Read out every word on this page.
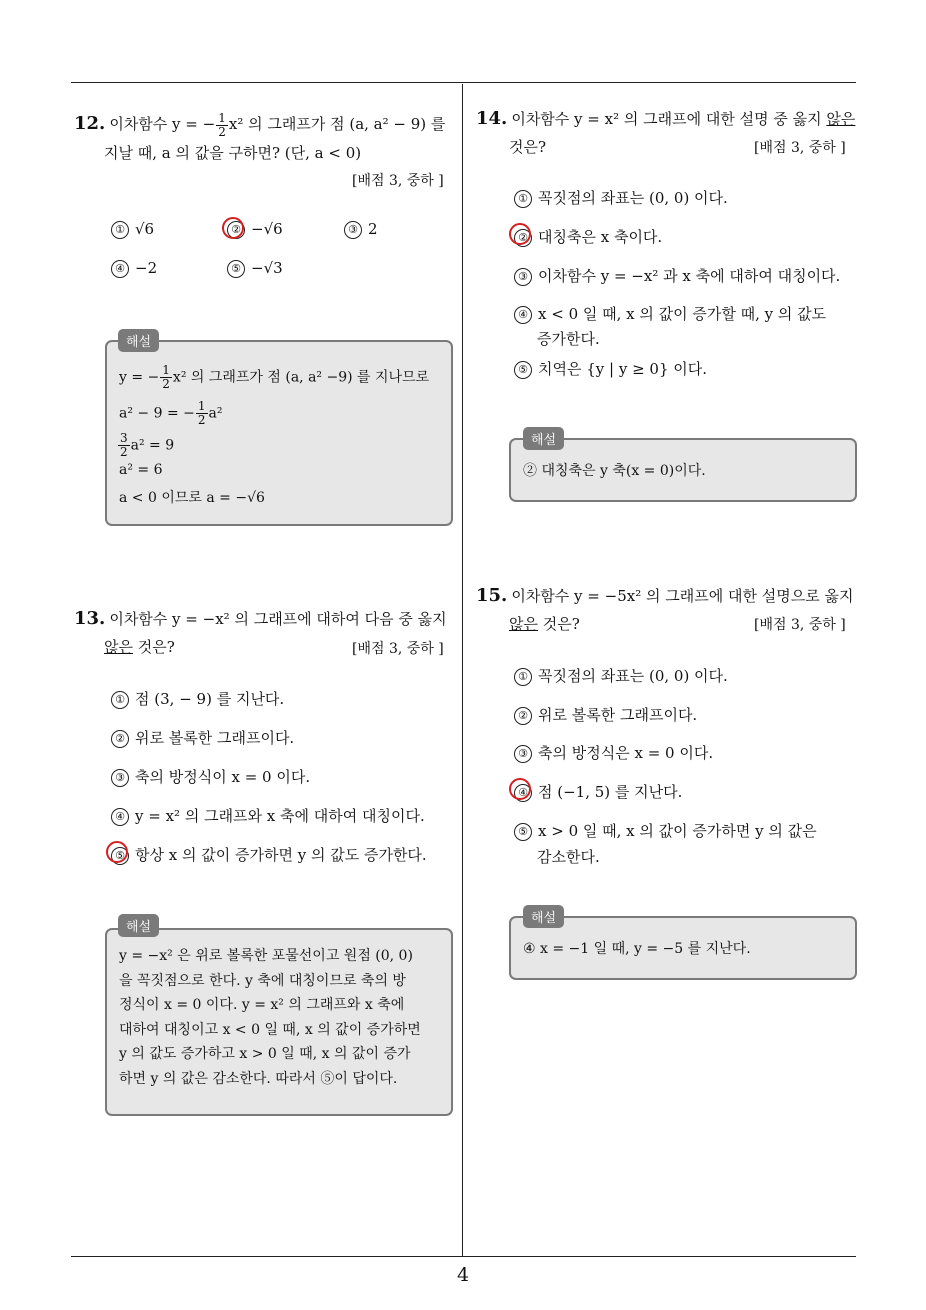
4
12. 이차함수 y = − $\frac{1}{2} x^2$ 의 그래프가 점 (a, a² − 9) 를
지날 때, a 의 값을 구하면? (단, a < 0)
[배점 3, 중하 ]
① √6	② −√6	③ 2
④ −2	⑤ −√3
y = − $\frac{1}{2} x^2$ 의 그래프가 점 (a, a² −9) 를 지나므로
a² − 9 = − $\frac{1}{2} a^2$
$\frac{3}{2} a^2 = 9$
a² = 6
a < 0 이므로 a = −√6
해설
13. 이차함수 y = −x² 의 그래프에 대하여 다음 중 옳지
않은 것은?	[배점 3, 중하 ]
① 점 (3, − 9) 를 지난다.
② 위로 볼록한 그래프이다.
③ 축의 방정식이 x = 0 이다.
④ y = x² 의 그래프와 x 축에 대하여 대칭이다.
⑤ 항상 x 의 값이 증가하면 y 의 값도 증가한다.
y = −x² 은 위로 볼록한 포물선이고 원점 (0, 0)
을 꼭짓점으로 한다. y 축에 대칭이므로 축의 방
정식이 x = 0 이다. y = x² 의 그래프와 x 축에
대하여 대칭이고 x < 0 일 때, x 의 값이 증가하면
y 의 값도 증가하고 x > 0 일 때, x 의 값이 증가
하면 y 의 값은 감소한다. 따라서 ⑤이 답이다.
해설
14. 이차함수 y = x² 의 그래프에 대한 설명 중 옳지 않은
것은?	[배점 3, 중하 ]
① 꼭짓점의 좌표는 (0, 0) 이다.
② 대칭축은 x 축이다.
③ 이차함수 y = −x² 과 x 축에 대하여 대칭이다.
④ x < 0 일 때, x 의 값이 증가할 때, y 의 값도
증가한다.
⑤ 치역은 {y | y ≥ 0} 이다.
② 대칭축은 y 축(x = 0)이다.
해설
15. 이차함수 y = −5x² 의 그래프에 대한 설명으로 옳지
않은 것은?	[배점 3, 중하 ]
① 꼭짓점의 좌표는 (0, 0) 이다.
② 위로 볼록한 그래프이다.
③ 축의 방정식은 x = 0 이다.
④ 점 (−1, 5) 를 지난다.
⑤ x > 0 일 때, x 의 값이 증가하면 y 의 값은
감소한다.
④ x = −1 일 때, y = −5 를 지난다.
해설
